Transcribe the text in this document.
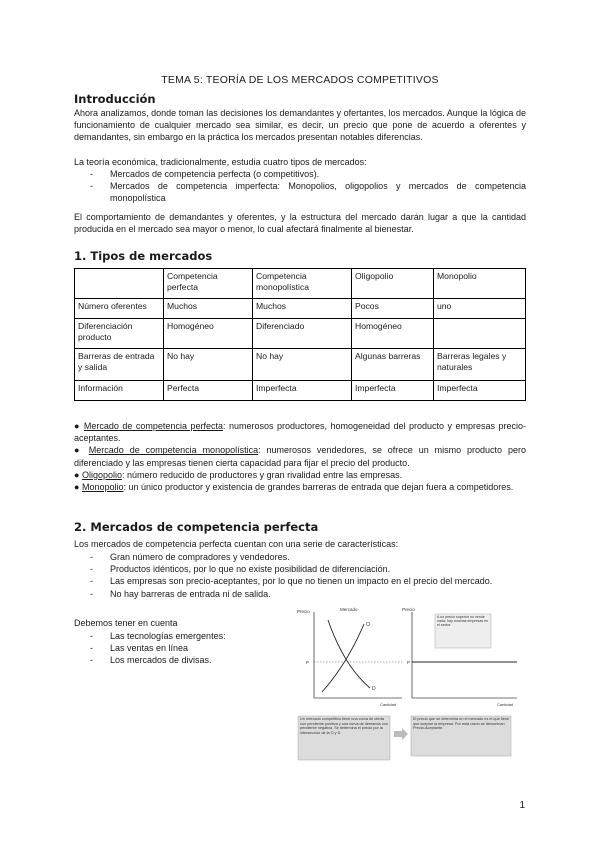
TEMA 5: TEORÍA DE LOS MERCADOS COMPETITIVOS
Introducción
Ahora analizamos, donde toman las decisiones los demandantes y ofertantes, los mercados. Aunque la lógica de funcionamiento de cualquier mercado sea similar, es decir, un precio que pone de acuerdo a oferentes y demandantes, sin embargo en la práctica los mercados presentan notables diferencias.
La teoría económica, tradicionalmente, estudia cuatro tipos de mercados:
- Mercados de competencia perfecta (o competitivos).
- Mercados de competencia imperfecta: Monopolios, oligopolios y mercados de competencia monopolística
El comportamiento de demandantes y oferentes, y la estructura del mercado darán lugar a que la cantidad producida en el mercado sea mayor o menor, lo cual afectará finalmente al bienestar.
1. Tipos de mercados
	Competencia perfecta	Competencia monopolística	Oligopolio	Monopolio
Número oferentes	Muchos	Muchos	Pocos	uno
Diferenciación producto	Homogéneo	Diferenciado	Homogéneo	
Barreras de entrada y salida	No hay	No hay	Algunas barreras	Barreras legales y naturales
Información	Perfecta	Imperfecta	Imperfecta	Imperfecta
● Mercado de competencia perfecta: numerosos productores, homogeneidad del producto y empresas precio-aceptantes.
● Mercado de competencia monopolística: numerosos vendedores, se ofrece un mismo producto pero diferenciado y las empresas tienen cierta capacidad para fijar el precio del producto.
● Oligopolio: número reducido de productores y gran rivalidad entre las empresas.
● Monopolio: un único productor y existencia de grandes barreras de entrada que dejan fuera a competidores.
2. Mercados de competencia perfecta
Los mercados de competencia perfecta cuentan con una serie de características:
- Gran número de compradores y vendedores.
- Productos idénticos, por lo que no existe posibilidad de diferenciación.
- Las empresas son precio-aceptantes, por lo que no tienen un impacto en el precio del mercado.
- No hay barreras de entrada ni de salida.
Debemos tener en cuenta
- Las tecnologías emergentes:
- Las ventas en línea
- Los mercados de divisas.
Precio	Mercado
Cantidad
O
D
P
Precio
Cantidad
P
A un precio superior no vende nada; hay muchas empresas en el sector
Un mercado competitivo tiene una curva de oferta con pendiente positiva y una curva de demanda con pendiente negativa. Se determina el precio por la intersección de la O y D.
El precio que se determina en el mercado es el que tiene que aceptar la empresa. Por esta razón se denominan Precio-Aceptante.
1
